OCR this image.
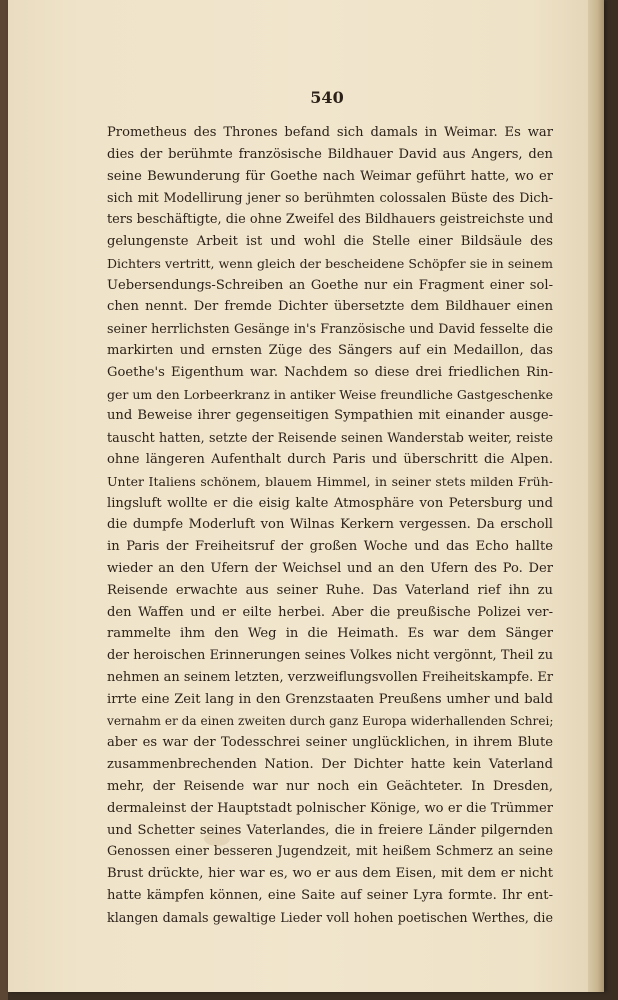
540
Prometheus des Thrones befand sich damals in Weimar. Es war
dies der berühmte französische Bildhauer David aus Angers, den
seine Bewunderung für Goethe nach Weimar geführt hatte, wo er
sich mit Modellirung jener so berühmten colossalen Büste des Dich-
ters beschäftigte, die ohne Zweifel des Bildhauers geistreichste und
gelungenste Arbeit ist und wohl die Stelle einer Bildsäule des
Dichters vertritt, wenn gleich der bescheidene Schöpfer sie in seinem
Uebersendungs-Schreiben an Goethe nur ein Fragment einer sol-
chen nennt. Der fremde Dichter übersetzte dem Bildhauer einen
seiner herrlichsten Gesänge in's Französische und David fesselte die
markirten und ernsten Züge des Sängers auf ein Medaillon, das
Goethe's Eigenthum war. Nachdem so diese drei friedlichen Rin-
ger um den Lorbeerkranz in antiker Weise freundliche Gastgeschenke
und Beweise ihrer gegenseitigen Sympathien mit einander ausge-
tauscht hatten, setzte der Reisende seinen Wanderstab weiter, reiste
ohne längeren Aufenthalt durch Paris und überschritt die Alpen.
Unter Italiens schönem, blauem Himmel, in seiner stets milden Früh-
lingsluft wollte er die eisig kalte Atmosphäre von Petersburg und
die dumpfe Moderluft von Wilnas Kerkern vergessen. Da erscholl
in Paris der Freiheitsruf der großen Woche und das Echo hallte
wieder an den Ufern der Weichsel und an den Ufern des Po. Der
Reisende erwachte aus seiner Ruhe. Das Vaterland rief ihn zu
den Waffen und er eilte herbei. Aber die preußische Polizei ver-
rammelte ihm den Weg in die Heimath. Es war dem Sänger
der heroischen Erinnerungen seines Volkes nicht vergönnt, Theil zu
nehmen an seinem letzten, verzweiflungsvollen Freiheitskampfe. Er
irrte eine Zeit lang in den Grenzstaaten Preußens umher und bald
vernahm er da einen zweiten durch ganz Europa widerhallenden Schrei;
aber es war der Todesschrei seiner unglücklichen, in ihrem Blute
zusammenbrechenden Nation. Der Dichter hatte kein Vaterland
mehr, der Reisende war nur noch ein Geächteter. In Dresden,
dermaleinst der Hauptstadt polnischer Könige, wo er die Trümmer
und Schetter seines Vaterlandes, die in freiere Länder pilgernden
Genossen einer besseren Jugendzeit, mit heißem Schmerz an seine
Brust drückte, hier war es, wo er aus dem Eisen, mit dem er nicht
hatte kämpfen können, eine Saite auf seiner Lyra formte. Ihr ent-
klangen damals gewaltige Lieder voll hohen poetischen Werthes, die
